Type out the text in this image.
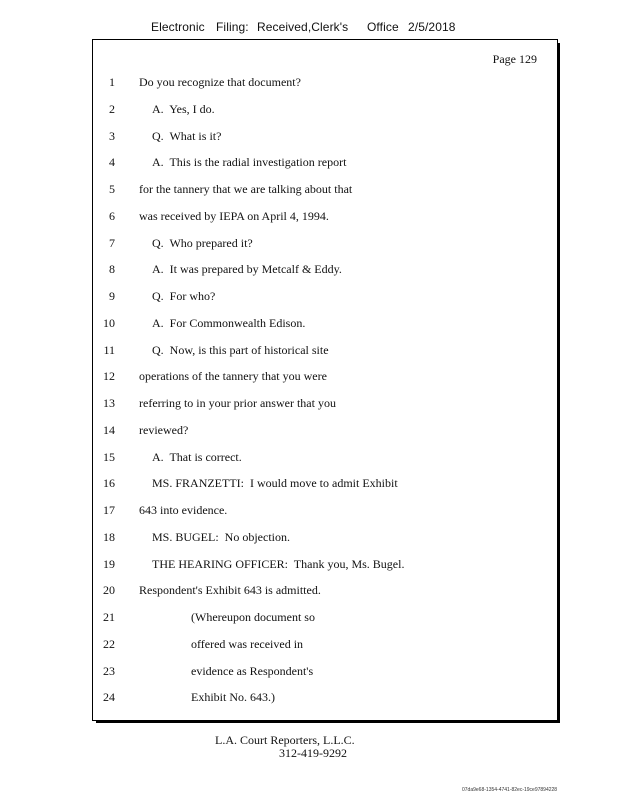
Electronic

Filing:

Received,Clerk's

Office

2/5/2018

Page 129
1 Do you recognize that document?
2	A.  Yes, I do.
3	Q.  What is it?
4	A.  This is the radial investigation report
5 for the tannery that we are talking about that
6 was received by IEPA on April 4, 1994.
7	Q.  Who prepared it?
8	A.  It was prepared by Metcalf & Eddy.
9	Q.  For who?
10	A.  For Commonwealth Edison.
11	Q.  Now, is this part of historical site
12 operations of the tannery that you were
13 referring to in your prior answer that you
14 reviewed?
15	A.  That is correct.
16	MS. FRANZETTI:  I would move to admit Exhibit
17 643 into evidence.
18	MS. BUGEL:  No objection.
19	THE HEARING OFFICER:  Thank you, Ms. Bugel.
20 Respondent's Exhibit 643 is admitted.
21	(Whereupon document so
22	offered was received in
23	evidence as Respondent's
24	Exhibit No. 643.)
L.A. Court Reporters, L.L.C.
312-419-9292
07da9e68-1354-4741-82ec-19ce97894228
